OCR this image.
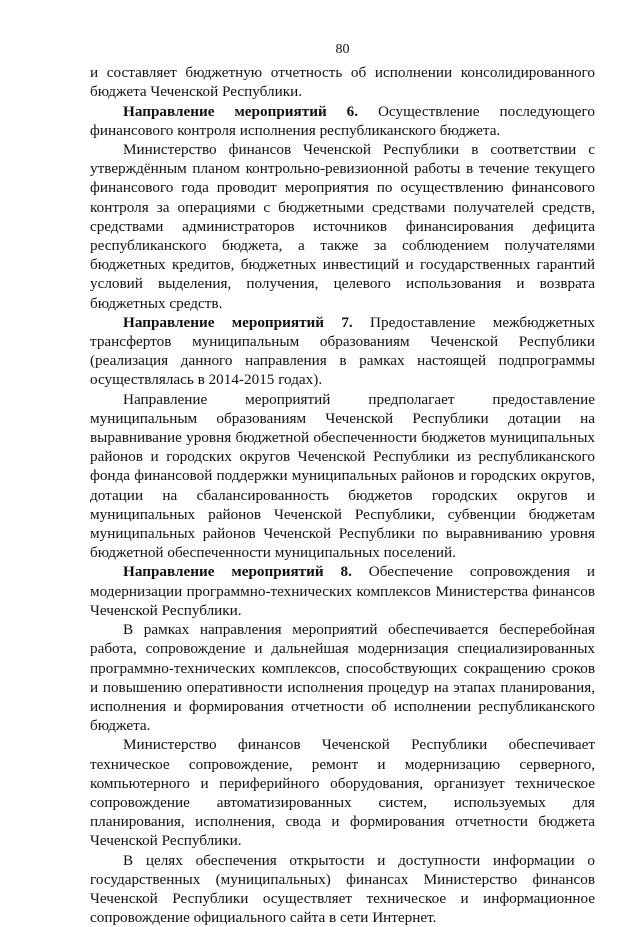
80

и составляет бюджетную отчетность об исполнении консолидированного бюджета Чеченской Республики.

Направление мероприятий 6. Осуществление последующего финансового контроля исполнения республиканского бюджета.

Министерство финансов Чеченской Республики в соответствии с утверждённым планом контрольно-ревизионной работы в течение текущего финансового года проводит мероприятия по осуществлению финансового контроля за операциями с бюджетными средствами получателей средств, средствами администраторов источников финансирования дефицита республиканского бюджета, а также за соблюдением получателями бюджетных кредитов, бюджетных инвестиций и государственных гарантий условий выделения, получения, целевого использования и возврата бюджетных средств.

Направление мероприятий 7. Предоставление межбюджетных трансфертов муниципальным образованиям Чеченской Республики (реализация данного направления в рамках настоящей подпрограммы осуществлялась в 2014-2015 годах).

Направление мероприятий предполагает предоставление муниципальным образованиям Чеченской Республики дотации на выравнивание уровня бюджетной обеспеченности бюджетов муниципальных районов и городских округов Чеченской Республики из республиканского фонда финансовой поддержки муниципальных районов и городских округов, дотации на сбалансированность бюджетов городских округов и муниципальных районов Чеченской Республики, субвенции бюджетам муниципальных районов Чеченской Республики по выравниванию уровня бюджетной обеспеченности муниципальных поселений.

Направление мероприятий 8. Обеспечение сопровождения и модернизации программно-технических комплексов Министерства финансов Чеченской Республики.

В рамках направления мероприятий обеспечивается бесперебойная работа, сопровождение и дальнейшая модернизация специализированных программно-технических комплексов, способствующих сокращению сроков и повышению оперативности исполнения процедур на этапах планирования, исполнения и формирования отчетности об исполнении республиканского бюджета.

Министерство финансов Чеченской Республики обеспечивает техническое сопровождение, ремонт и модернизацию серверного, компьютерного и периферийного оборудования, организует техническое сопровождение автоматизированных систем, используемых для планирования, исполнения, свода и формирования отчетности бюджета Чеченской Республики.

В целях обеспечения открытости и доступности информации о государственных (муниципальных) финансах Министерство финансов Чеченской Республики осуществляет техническое и информационное сопровождение официального сайта в сети Интернет.
